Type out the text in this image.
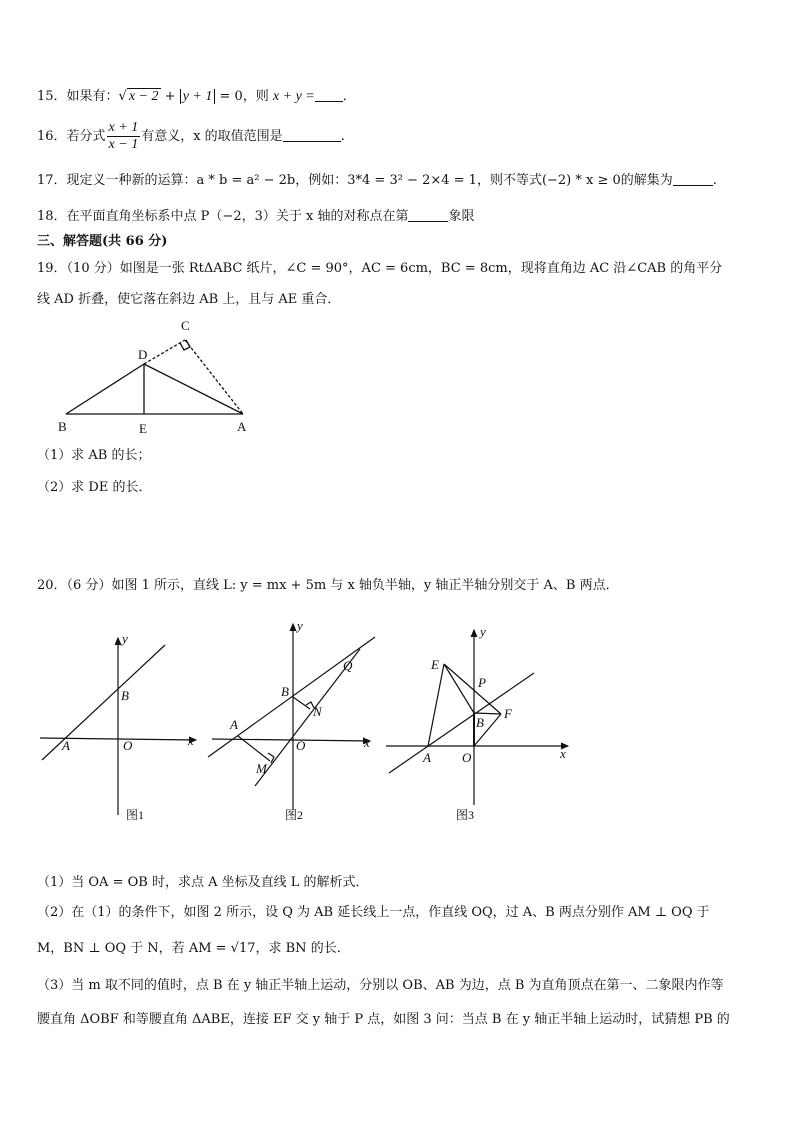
15．如果有：√ x − 2 + y + 1 = 0，则 x + y = ．
16．若分式 $\frac{x + 1}{x - 1}$ 有意义，x 的取值范围是	.
17．现定义一种新的运算：a * b = a² − 2b，例如：3*4 = 3² − 2×4 = 1，则不等式(−2) * x ≥ 0的解集为	.
18．在平面直角坐标系中点 P（−2，3）关于 x 轴的对称点在第	象限
三、解答题(共 66 分)
19．（10 分）如图是一张 RtΔABC 纸片，∠C = 90°，AC = 6cm，BC = 8cm，现将直角边 AC 沿∠CAB 的角平分
线 AD 折叠，使它落在斜边 AB 上，且与 AE 重合．
B	E	A
D
C
（1）求 AB 的长；
（2）求 DE 的长．
20．（6 分）如图 1 所示，直线 L: y = mx + 5m 与 x 轴负半轴，y 轴正半轴分别交于 A、B 两点．
A	O
B
x
y
图1
A
O
B
M
N
Q
x
y
图2
E
P
B
F
A O	x
y
图3
（1）当 OA = OB 时，求点 A 坐标及直线 L 的解析式．
（2）在（1）的条件下，如图 2 所示，设 Q 为 AB 延长线上一点，作直线 OQ，过 A、B 两点分别作 AM ⊥ OQ 于
M，BN ⊥ OQ 于 N，若 AM = √17，求 BN 的长．
（3）当 m 取不同的值时，点 B 在 y 轴正半轴上运动，分别以 OB、AB 为边，点 B 为直角顶点在第一、二象限内作等
腰直角 ΔOBF 和等腰直角 ΔABE，连接 EF 交 y 轴于 P 点，如图 3 问：当点 B 在 y 轴正半轴上运动时，试猜想 PB 的
